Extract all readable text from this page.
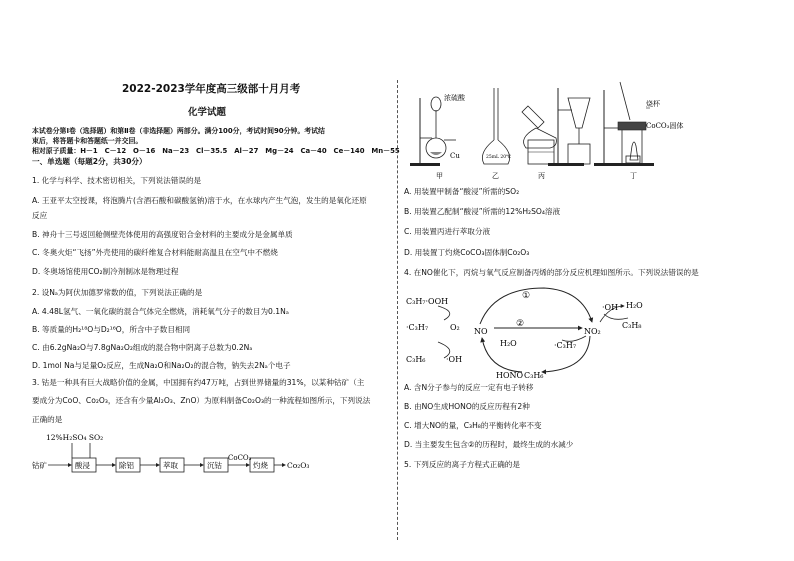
2022-2023学年度高三级部十月月考
化学试题
本试卷分第Ⅰ卷（选择题）和第Ⅱ卷（非选择题）两部分。满分100分，考试时间90分钟。考试结
束后，将答题卡和答题纸一并交回。
相对原子质量：H－1　C－12　O－16　Na－23　Cl－35.5　Al－27　Mg－24　Ca－40　Ce－140　Mn－55
一、单选题（每题2分，共30分）
1. 化学与科学、技术密切相关，下列说法错误的是
A. 王亚平太空授课，将泡腾片(含酒石酸和碳酸氢钠)溶于水，在水球内产生气泡，发生的是氧化还原
反应
B. 神舟十三号返回舱侧壁壳体使用的高强度铝合金材料的主要成分是金属单质
C. 冬奥火炬“飞扬”外壳使用的碳纤维复合材料能耐高温且在空气中不燃烧
D. 冬奥场馆使用CO₂制冷剂制冰是物理过程
2. 设Nₐ为阿伏加德罗常数的值，下列说法正确的是
A. 4.48L氢气、一氧化碳的混合气体完全燃烧，消耗氧气分子的数目为0.1Nₐ
B. 等质量的H₂¹⁸O与D₂¹⁶O，所含中子数目相同
C. 由6.2gNa₂O与7.8gNa₂O₂组成的混合物中阴离子总数为0.2Nₐ
D. 1mol Na与足量O₂反应，生成Na₂O和Na₂O₂的混合物，钠失去2Nₐ个电子
3. 钴是一种具有巨大战略价值的金属，中国拥有约47万吨，占到世界储量的31%，以某种钴矿（主
要成分为CoO、Co₂O₃，还含有少量Al₂O₃、ZnO）为原料制备Co₂O₃的一种流程如图所示，下列说法
正确的是
12%H₂SO₄ SO₂
钴矿	酸浸	除铝	萃取	沉钴
CoCO₃
灼烧	Co₂O₃
浓硫酸
Cu
甲
25mL 20℃
乙	丙
烧杯
CoCO₃固体
丁
A. 用装置甲制备“酸浸”所需的SO₂
B. 用装置乙配制“酸浸”所需的12%H₂SO₄溶液
C. 用装置丙进行萃取分液
D. 用装置丁灼烧CoCO₃固体制Co₂O₃
4. 在NO催化下，丙烷与氧气反应制备丙烯的部分反应机理如图所示。下列说法错误的是
①
②
C₃H₇·OOH
·C₃H₇	O₂
C₃H₆	·OH
NO	NO₂
·OH H₂O
C₃H₈
·C₃H₇
H₂O
C₃H₆
HONO
A. 含N分子参与的反应一定有电子转移
B. 由NO生成HONO的反应历程有2种
C. 增大NO的量，C₃H₈的平衡转化率不变
D. 当主要发生包含②的历程时，最终生成的水减少
5. 下列反应的离子方程式正确的是
